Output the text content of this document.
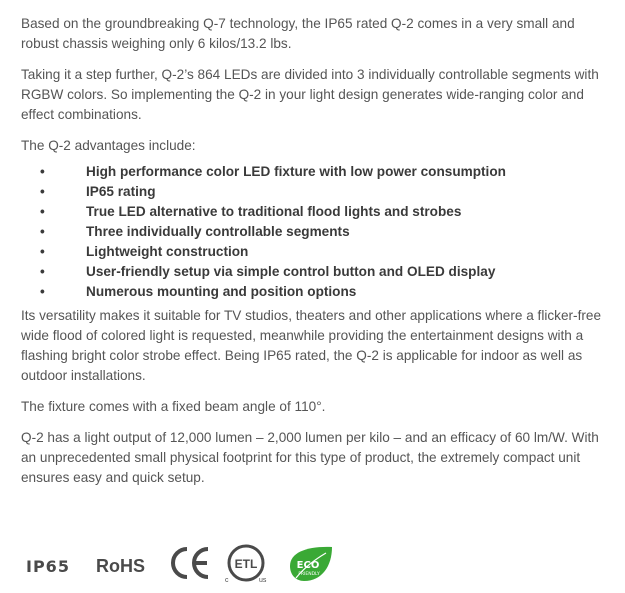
Based on the groundbreaking Q-7 technology, the IP65 rated Q-2 comes in a very small and robust chassis weighing only 6 kilos/13.2 lbs.

Taking it a step further, Q-2’s 864 LEDs are divided into 3 individually controllable segments with RGBW colors. So implementing the Q-2 in your light design generates wide-ranging color and effect combinations.

The Q-2 advantages include:

•	High performance color LED fixture with low power consumption
•	IP65 rating
•	True LED alternative to traditional flood lights and strobes
•	Three individually controllable segments
•	Lightweight construction
•	User-friendly setup via simple control button and OLED display
•	Numerous mounting and position options

Its versatility makes it suitable for TV studios, theaters and other applications where a flicker-free wide flood of colored light is requested, meanwhile providing the entertainment designs with a flashing bright color strobe effect. Being IP65 rated, the Q-2 is applicable for indoor as well as outdoor installations.

The fixture comes with a fixed beam angle of 110°.

Q-2 has a light output of 12,000 lumen – 2,000 lumen per kilo – and an efficacy of 60 lm/W. With an unprecedented small physical footprint for this type of product, the extremely compact unit ensures easy and quick setup.

IP65 RoHS	ETL
c	us
ECO
FRIENDLY
